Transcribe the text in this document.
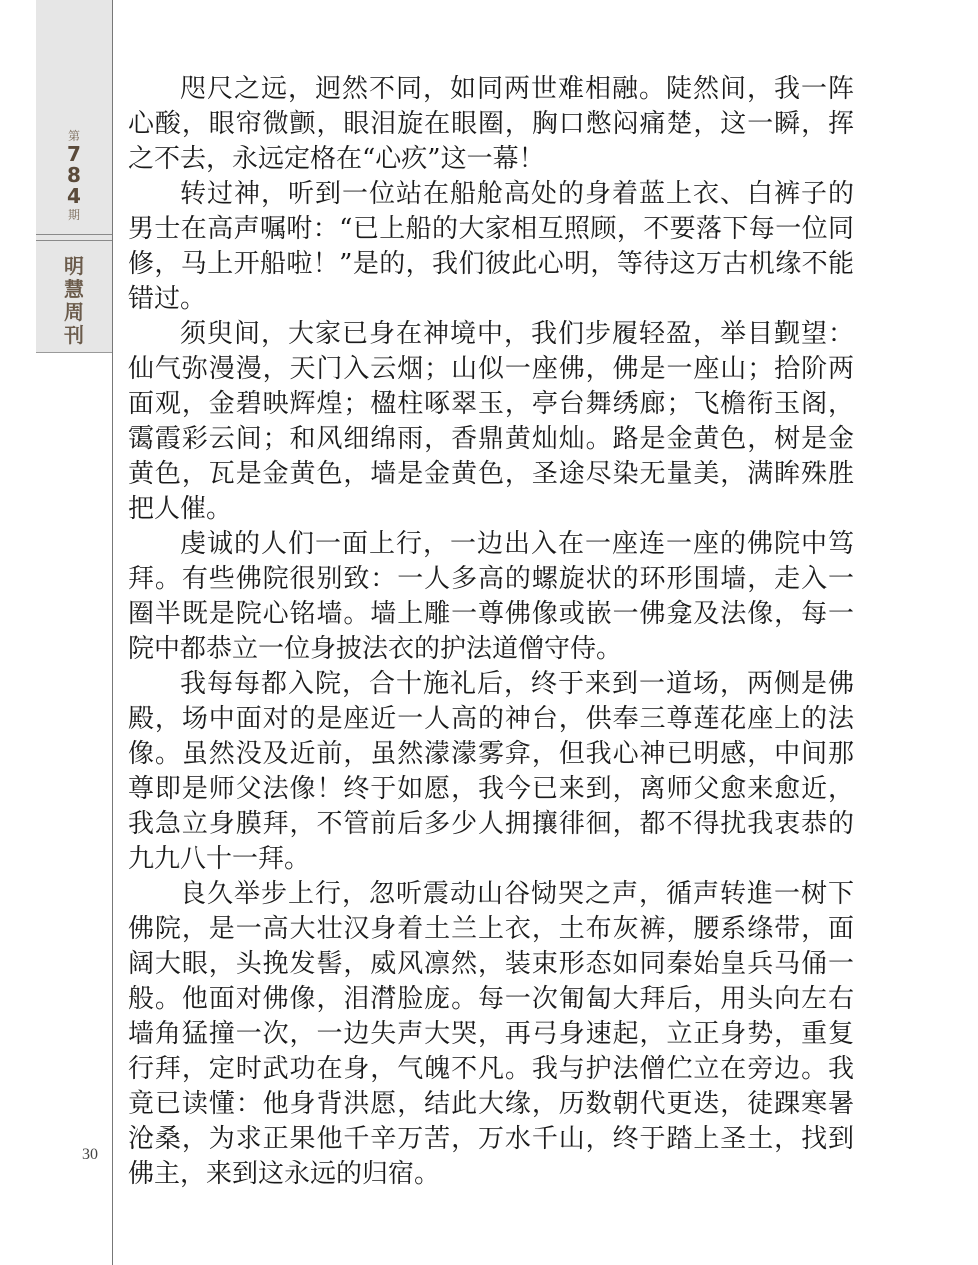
第
7
8
4
期
明
慧
周
刊
30

咫尺之远，迥然不同，如同两世难相融。陡然间，我一阵心酸，眼帘微颤，眼泪旋在眼圈，胸口憋闷痛楚，这一瞬，挥之不去，永远定格在“心疚”这一幕！

转过神，听到一位站在船舱高处的身着蓝上衣、白裤子的男士在高声嘱咐：“已上船的大家相互照顾，不要落下每一位同修，马上开船啦！”是的，我们彼此心明，等待这万古机缘不能错过。

须臾间，大家已身在神境中，我们步履轻盈，举目觐望：仙气弥漫漫，天门入云烟；山似一座佛，佛是一座山；拾阶两面观，金碧映辉煌；楹柱啄翠玉，亭台舞绣廊；飞檐衔玉阁，霭霞彩云间；和风细绵雨，香鼎黄灿灿。路是金黄色，树是金黄色，瓦是金黄色，墙是金黄色，圣途尽染无量美，满眸殊胜把人催。

虔诚的人们一面上行，一边出入在一座连一座的佛院中笃拜。有些佛院很别致：一人多高的螺旋状的环形围墙，走入一圈半既是院心铭墙。墙上雕一尊佛像或嵌一佛龛及法像，每一院中都恭立一位身披法衣的护法道僧守侍。

我每每都入院，合十施礼后，终于来到一道场，两侧是佛殿，场中面对的是座近一人高的神台，供奉三尊莲花座上的法像。虽然没及近前，虽然濛濛雾弇，但我心神已明感，中间那尊即是师父法像！终于如愿，我今已来到，离师父愈来愈近，我急立身膜拜，不管前后多少人拥攘徘徊，都不得扰我衷恭的九九八十一拜。

良久举步上行，忽听震动山谷恸哭之声，循声转進一树下佛院，是一高大壮汉身着土兰上衣，土布灰裤，腰系绦带，面阔大眼，头挽发髻，威风凛然，装束形态如同秦始皇兵马俑一般。他面对佛像，泪潸脸庞。每一次匍匐大拜后，用头向左右墙角猛撞一次，一边失声大哭，再弓身速起，立正身势，重复行拜，定时武功在身，气魄不凡。我与护法僧伫立在旁边。我竟已读懂：他身背洪愿，结此大缘，历数朝代更迭，徒踝寒暑沧桑，为求正果他千辛万苦，万水千山，终于踏上圣土，找到佛主，来到这永远的归宿。
